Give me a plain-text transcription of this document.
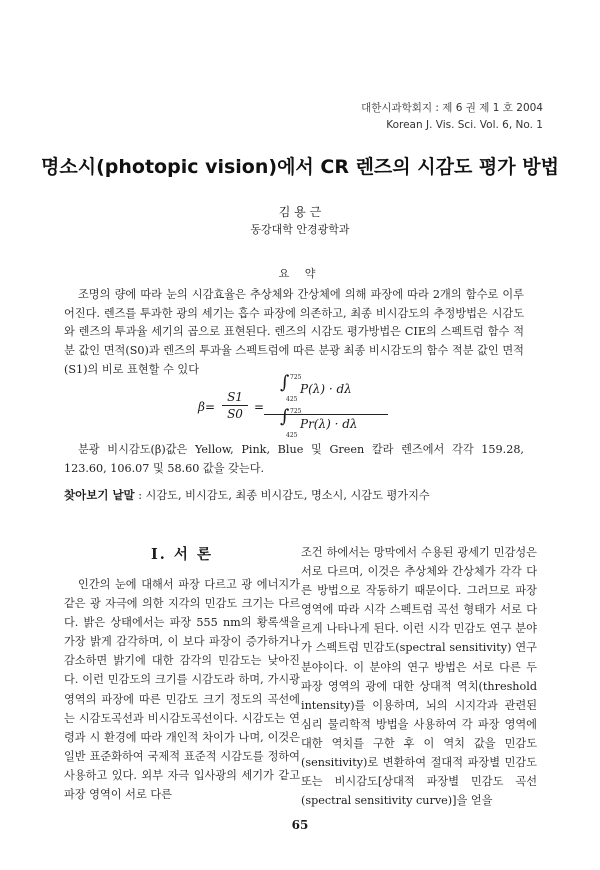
대한시과학회지 : 제 6 권 제 1 호 2004
Korean J. Vis. Sci. Vol. 6, No. 1
명소시(photopic vision)에서 CR 렌즈의 시감도 평가 방법
김 용 근
동강대학 안경광학과
요 약

조명의 량에 따라 눈의 시감효율은 추상체와 간상체에 의해 파장에 따라 2개의 함수로 이루어진다. 렌즈를 투과한 광의 세기는 흡수 파장에 의존하고, 최종 비시감도의 추정방법은 시감도와 렌즈의 투과율 세기의 곱으로 표현된다. 렌즈의 시감도 평가방법은 CIE의 스펙트럼 함수 적분 값인 면적(S0)과 렌즈의 투과율 스펙트럼에 따른 분광 최종 비시감도의 함수 적분 값인 면적(S1)의 비로 표현할 수 있다

β=
S1
S0 =
∫ 725
425
P(λ) · dλ
∫ 725
425
Pr(λ) · dλ

분광 비시감도(β)값은 Yellow, Pink, Blue 및 Green 칼라 렌즈에서 각각 159.28, 123.60, 106.07 및 58.60 값을 갖는다.

찾아보기 낱말 : 시감도, 비시감도, 최종 비시감도, 명소시, 시감도 평가지수
I. 서 론

인간의 눈에 대해서 파장 다르고 광 에너지가 같은 광 자극에 의한 지각의 민감도 크기는 다르다. 밝은 상태에서는 파장 555 nm의 황록색을 가장 밝게 감각하며, 이 보다 파장이 증가하거나 감소하면 밝기에 대한 감각의 민감도는 낮아진다. 이런 민감도의 크기를 시감도라 하며, 가시광 영역의 파장에 따른 민감도 크기 정도의 곡선에는 시감도곡선과 비시감도곡선이다. 시감도는 연령과 시 환경에 따라 개인적 차이가 나며, 이것은 일반 표준화하여 국제적 표준적 시감도를 정하여 사용하고 있다. 외부 자극 입사광의 세기가 같고 파장 영역이 서로 다른

조건 하에서는 망막에서 수용된 광세기 민감성은 서로 다르며, 이것은 추상체와 간상체가 각각 다른 방법으로 작동하기 때문이다. 그러므로 파장 영역에 따라 시각 스펙트럼 곡선 형태가 서로 다르게 나타나게 된다. 이런 시각 민감도 연구 분야가 스펙트럼 민감도(spectral sensitivity) 연구 분야이다. 이 분야의 연구 방법은 서로 다른 두 파장 영역의 광에 대한 상대적 역치(threshold intensity)를 이용하며, 뇌의 시지각과 관련된 심리 물리학적 방법을 사용하여 각 파장 영역에 대한 역치를 구한 후 이 역치 값을 민감도(sensitivity)로 변환하여 절대적 파장별 민감도 또는 비시감도[상대적 파장별 민감도 곡선(spectral sensitivity curve)]을 얻을

65
